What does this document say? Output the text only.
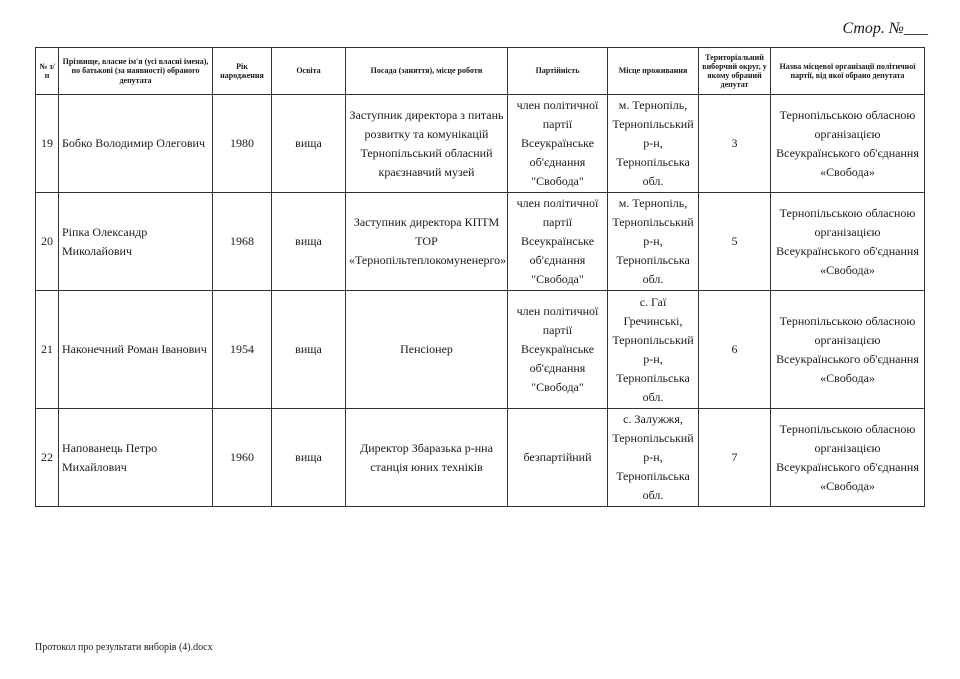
Стор. №___
№ з/п	Прізвище, власне ім'я (усі власні імена), по батькові (за наявності) обраного депутата	Рік народження	Освіта	Посада (заняття), місце роботи	Партійність	Місце проживання	Територіальний виборчий округ, у якому обраний депутат	Назва місцевої організації політичної партії, від якої обрано депутата
19	Бобко Володимир Олегович	1980	вища	Заступник директора з питань розвитку та комунікацій Тернопільський обласний краєзнавчий музей	член політичної партії Всеукраїнське об'єднання "Свобода"	м. Тернопіль, Тернопільський р-н, Тернопільська обл.	3	Тернопільською обласною організацією Всеукраїнського об'єднання «Свобода»
20	Ріпка Олександр Миколайович	1968	вища	Заступник директора КПТМ ТОР «Тернопільтеплокомуненерго»	член політичної партії Всеукраїнське об'єднання "Свобода"	м. Тернопіль, Тернопільський р-н, Тернопільська обл.	5	Тернопільською обласною організацією Всеукраїнського об'єднання «Свобода»
21	Наконечний Роман Іванович	1954	вища	Пенсіонер	член політичної партії Всеукраїнське об'єднання "Свобода"	с. Гаї Гречинські, Тернопільський р-н, Тернопільська обл.	6	Тернопільською обласною організацією Всеукраїнського об'єднання «Свобода»
22	Напованець Петро Михайлович	1960	вища	Директор Збаразька р-нна станція юних техніків	безпартійний	с. Залужжя, Тернопільський р-н, Тернопільська обл.	7	Тернопільською обласною організацією Всеукраїнського об'єднання «Свобода»
Протокол про результати виборів (4).docx
